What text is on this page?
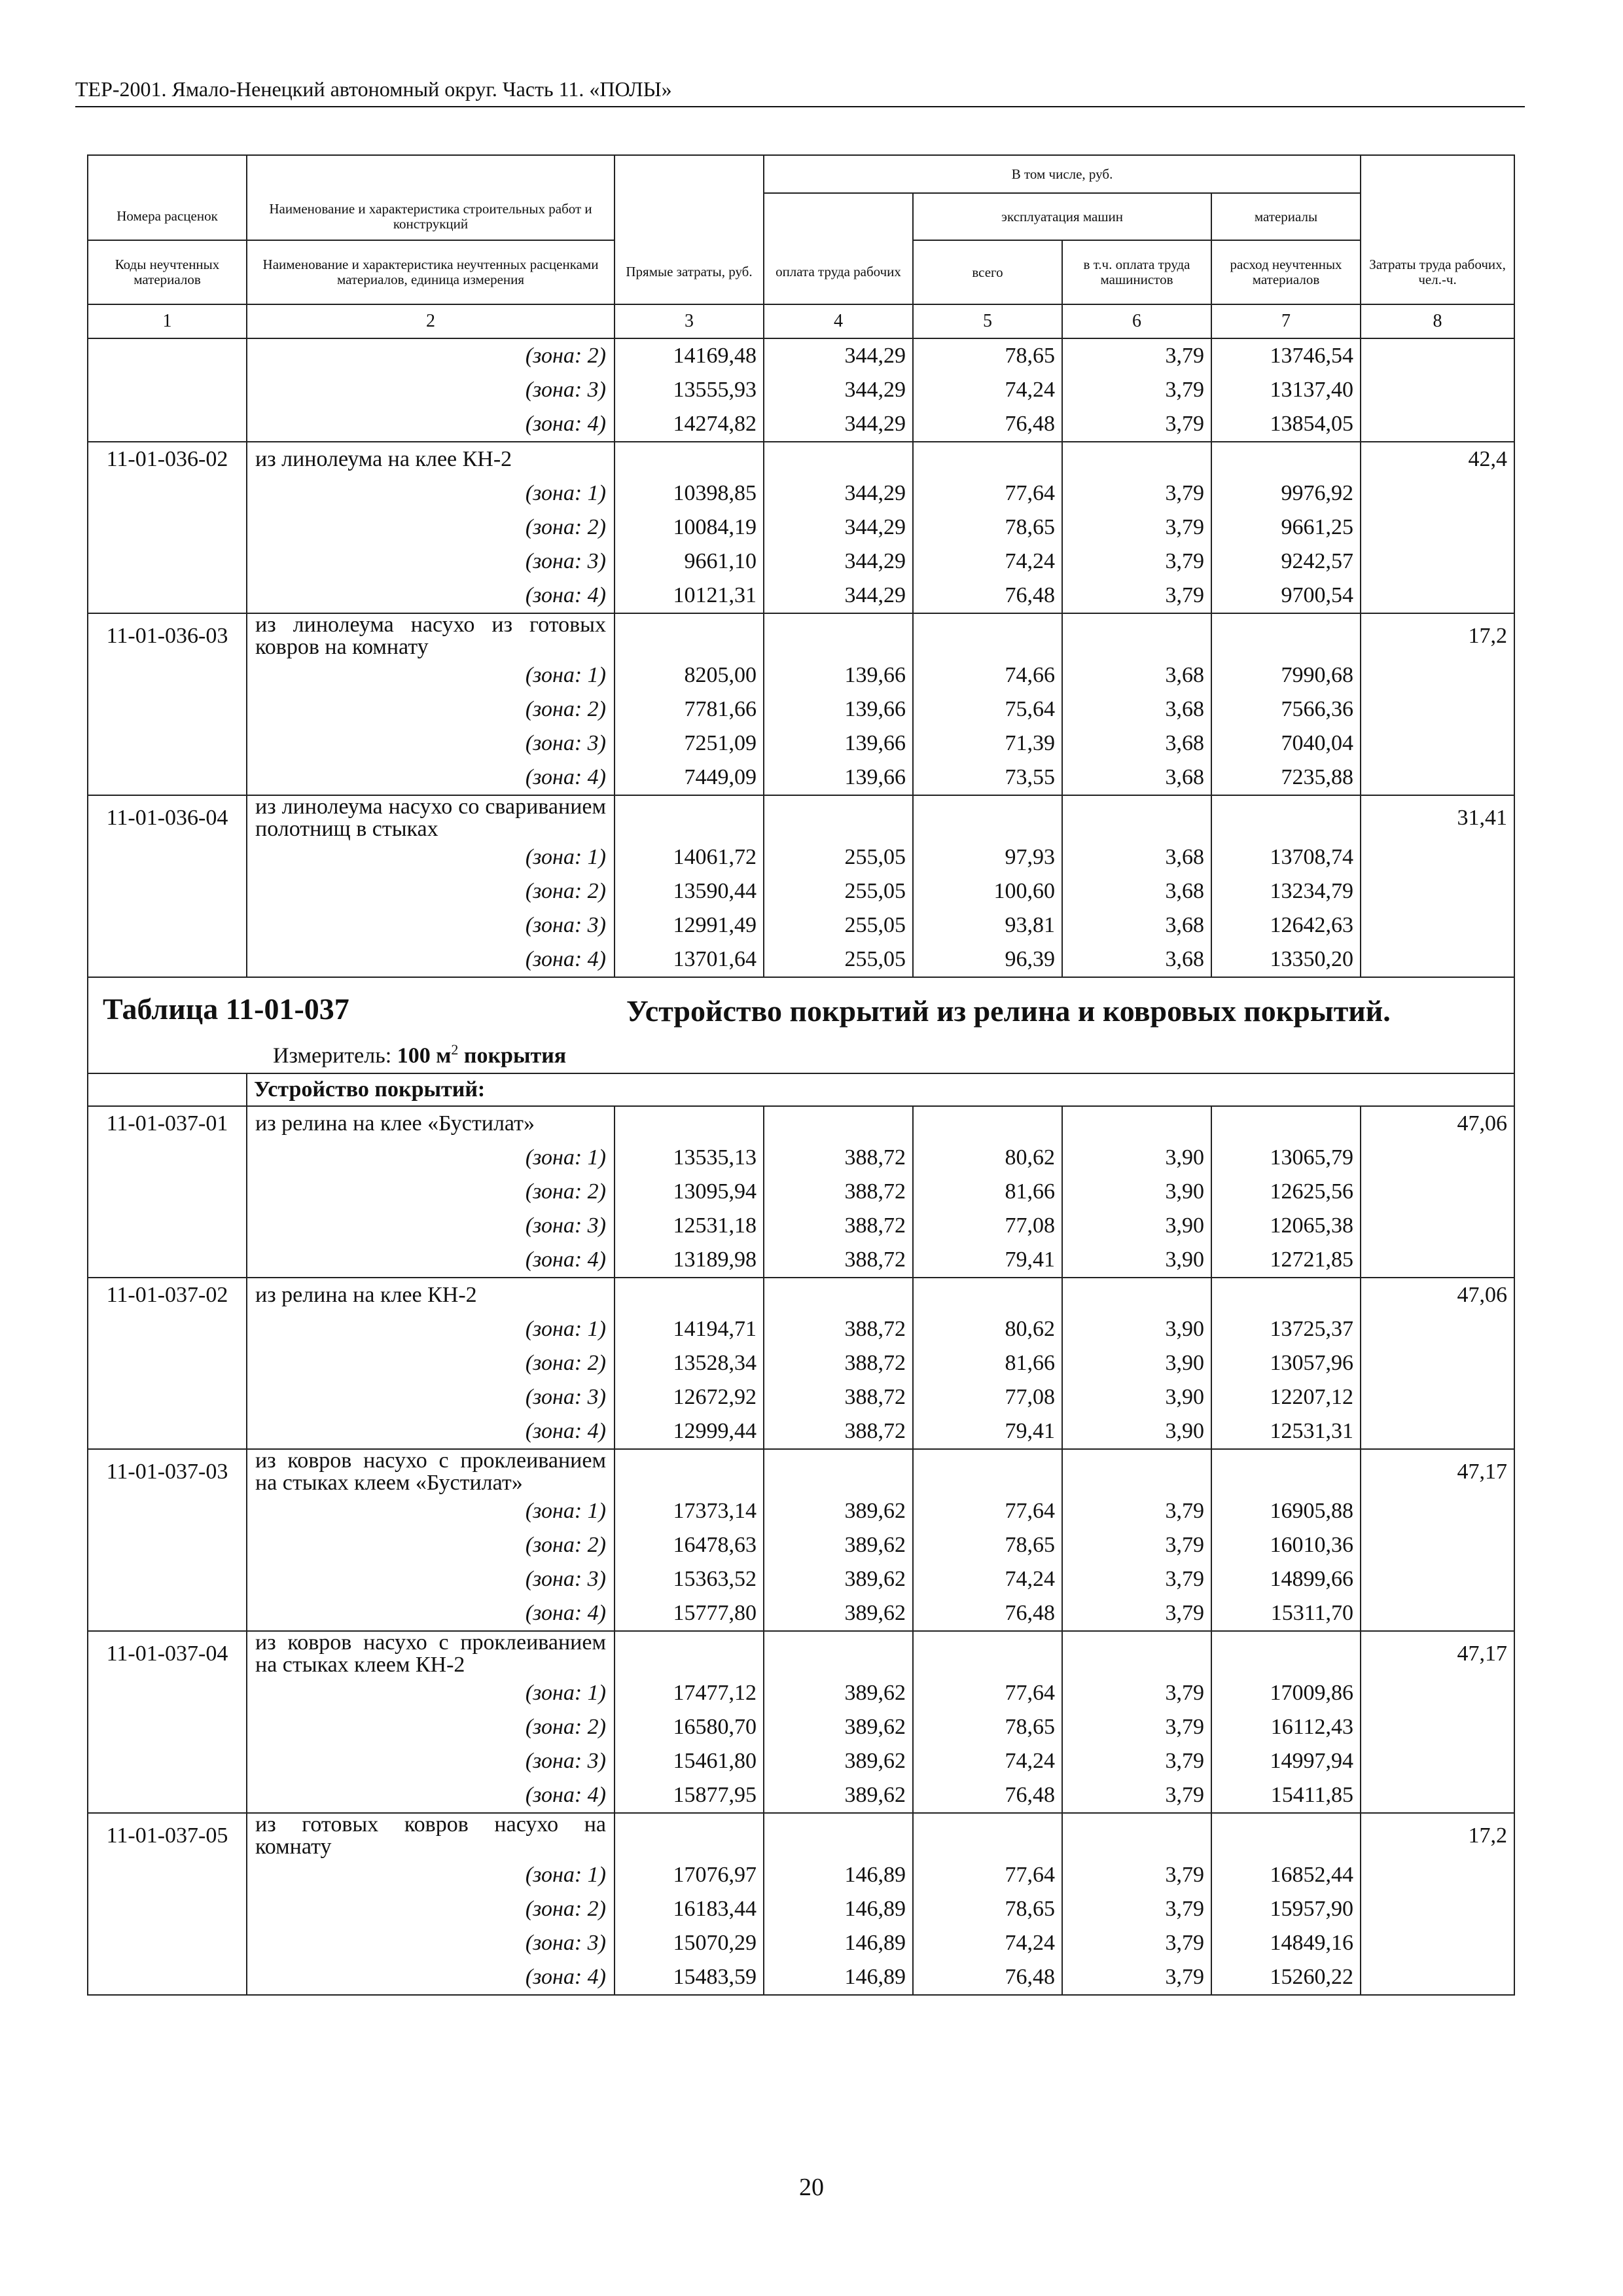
ТЕР-2001. Ямало-Ненецкий автономный округ. Часть 11. «ПОЛЫ»
			В том числе, руб.				
Номера расценок	Наименование и характеристика строительных работ и конструкций			эксплуатация машин		материалы	
Коды неучтенных материалов	Наименование и характеристика неучтенных расценками материалов, единица измерения	Прямые затраты, руб.	оплата труда рабочих	всего	в т.ч. оплата труда машинистов	расход неучтенных материалов	Затраты труда рабочих, чел.-ч.
1	2	3	4	5	6	7	8
	(зона: 2)	14169,48	344,29	78,65	3,79	13746,54	
	(зона: 3)	13555,93	344,29	74,24	3,79	13137,40	
	(зона: 4)	14274,82	344,29	76,48	3,79	13854,05	
11-01-036-02	из линолеума на клее КН-2						42,4
	(зона: 1)	10398,85	344,29	77,64	3,79	9976,92	
	(зона: 2)	10084,19	344,29	78,65	3,79	9661,25	
	(зона: 3)	9661,10	344,29	74,24	3,79	9242,57	
	(зона: 4)	10121,31	344,29	76,48	3,79	9700,54	
11-01-036-03	из линолеума насухо из готовых ковров на комнату						17,2
	(зона: 1)	8205,00	139,66	74,66	3,68	7990,68	
	(зона: 2)	7781,66	139,66	75,64	3,68	7566,36	
	(зона: 3)	7251,09	139,66	71,39	3,68	7040,04	
	(зона: 4)	7449,09	139,66	73,55	3,68	7235,88	
11-01-036-04	из линолеума насухо со свариванием полотнищ в стыках						31,41
	(зона: 1)	14061,72	255,05	97,93	3,68	13708,74	
	(зона: 2)	13590,44	255,05	100,60	3,68	13234,79	
	(зона: 3)	12991,49	255,05	93,81	3,68	12642,63	
	(зона: 4)	13701,64	255,05	96,39	3,68	13350,20	

Таблица 11-01-037 Устройство покрытий из релина и ковровых покрытий.
Измеритель: 100 $м^2$ покрытия							

	Устройство покрытий:						
11-01-037-01	из релина на клее «Бустилат»						47,06
	(зона: 1)	13535,13	388,72	80,62	3,90	13065,79	
	(зона: 2)	13095,94	388,72	81,66	3,90	12625,56	
	(зона: 3)	12531,18	388,72	77,08	3,90	12065,38	
	(зона: 4)	13189,98	388,72	79,41	3,90	12721,85	
11-01-037-02	из релина на клее КН-2						47,06
	(зона: 1)	14194,71	388,72	80,62	3,90	13725,37	
	(зона: 2)	13528,34	388,72	81,66	3,90	13057,96	
	(зона: 3)	12672,92	388,72	77,08	3,90	12207,12	
	(зона: 4)	12999,44	388,72	79,41	3,90	12531,31	
11-01-037-03	из ковров насухо с проклеиванием на стыках клеем «Бустилат»						47,17
	(зона: 1)	17373,14	389,62	77,64	3,79	16905,88	
	(зона: 2)	16478,63	389,62	78,65	3,79	16010,36	
	(зона: 3)	15363,52	389,62	74,24	3,79	14899,66	
	(зона: 4)	15777,80	389,62	76,48	3,79	15311,70	
11-01-037-04	из ковров насухо с проклеиванием на стыках клеем КН-2						47,17
	(зона: 1)	17477,12	389,62	77,64	3,79	17009,86	
	(зона: 2)	16580,70	389,62	78,65	3,79	16112,43	
	(зона: 3)	15461,80	389,62	74,24	3,79	14997,94	
	(зона: 4)	15877,95	389,62	76,48	3,79	15411,85	
11-01-037-05	из готовых ковров насухо на комнату						17,2
	(зона: 1)	17076,97	146,89	77,64	3,79	16852,44	
	(зона: 2)	16183,44	146,89	78,65	3,79	15957,90	
	(зона: 3)	15070,29	146,89	74,24	3,79	14849,16	
	(зона: 4)	15483,59	146,89	76,48	3,79	15260,22	
20
